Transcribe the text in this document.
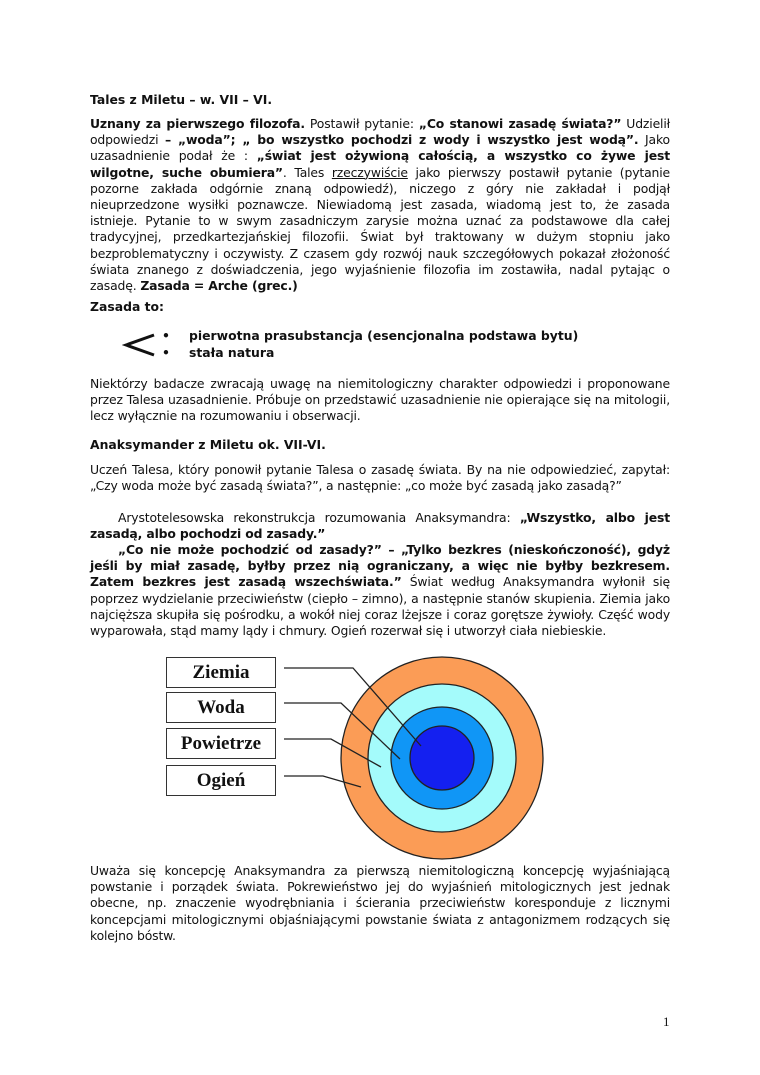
Tales z Miletu – w. VII – VI.
Uznany za pierwszego filozofa. Postawił pytanie: „Co stanowi zasadę świata?” Udzielił odpowiedzi – „woda”; „ bo wszystko pochodzi z wody i wszystko jest wodą”. Jako uzasadnienie podał że : „świat jest ożywioną całością, a wszystko co żywe jest wilgotne, suche obumiera”. Tales rzeczywiście jako pierwszy postawił pytanie (pytanie pozorne zakłada odgórnie znaną odpowiedź), niczego z góry nie zakładał i podjął nieuprzedzone wysiłki poznawcze. Niewiadomą jest zasada, wiadomą jest to, że zasada istnieje. Pytanie to w swym zasadniczym zarysie można uznać za podstawowe dla całej tradycyjnej, przedkartezjańskiej filozofii. Świat był traktowany w dużym stopniu jako bezproblematyczny i oczywisty. Z czasem gdy rozwój nauk szczegółowych pokazał złożoność świata znanego z doświadczenia, jego wyjaśnienie filozofia im zostawiła, nadal pytając o zasadę. Zasada = Arche (grec.)
Zasada to:
•	pierwotna prasubstancja (esencjonalna podstawa bytu)
•	stała natura
Niektórzy badacze zwracają uwagę na niemitologiczny charakter odpowiedzi i proponowane przez Talesa uzasadnienie. Próbuje on przedstawić uzasadnienie nie opierające się na mitologii, lecz wyłącznie na rozumowaniu i obserwacji.
Anaksymander z Miletu ok. VII-VI.
Uczeń Talesa, który ponowił pytanie Talesa o zasadę świata. By na nie odpowiedzieć, zapytał: „Czy woda może być zasadą świata?”, a następnie: „co może być zasadą jako zasadą?”
Arystotelesowska rekonstrukcja rozumowania Anaksymandra: „Wszystko, albo jest zasadą, albo pochodzi od zasady.”
„Co nie może pochodzić od zasady?” – „Tylko bezkres (nieskończoność), gdyż jeśli by miał zasadę, byłby przez nią ograniczany, a więc nie byłby bezkresem. Zatem bezkres jest zasadą wszechświata.” Świat według Anaksymandra wyłonił się poprzez wydzielanie przeciwieństw (ciepło – zimno), a następnie stanów skupienia. Ziemia jako najcięższa skupiła się pośrodku, a wokół niej coraz lżejsze i coraz gorętsze żywioły. Część wody wyparowała, stąd mamy lądy i chmury. Ogień rozerwał się i utworzył ciała niebieskie.
Ziemia
Woda
Powietrze
Ogień
Uważa się koncepcję Anaksymandra za pierwszą niemitologiczną koncepcję wyjaśniającą powstanie i porządek świata. Pokrewieństwo jej do wyjaśnień mitologicznych jest jednak obecne, np. znaczenie wyodrębniania i ścierania przeciwieństw koresponduje z licznymi koncepcjami mitologicznymi objaśniającymi powstanie świata z antagonizmem rodzących się kolejno bóstw.
1
